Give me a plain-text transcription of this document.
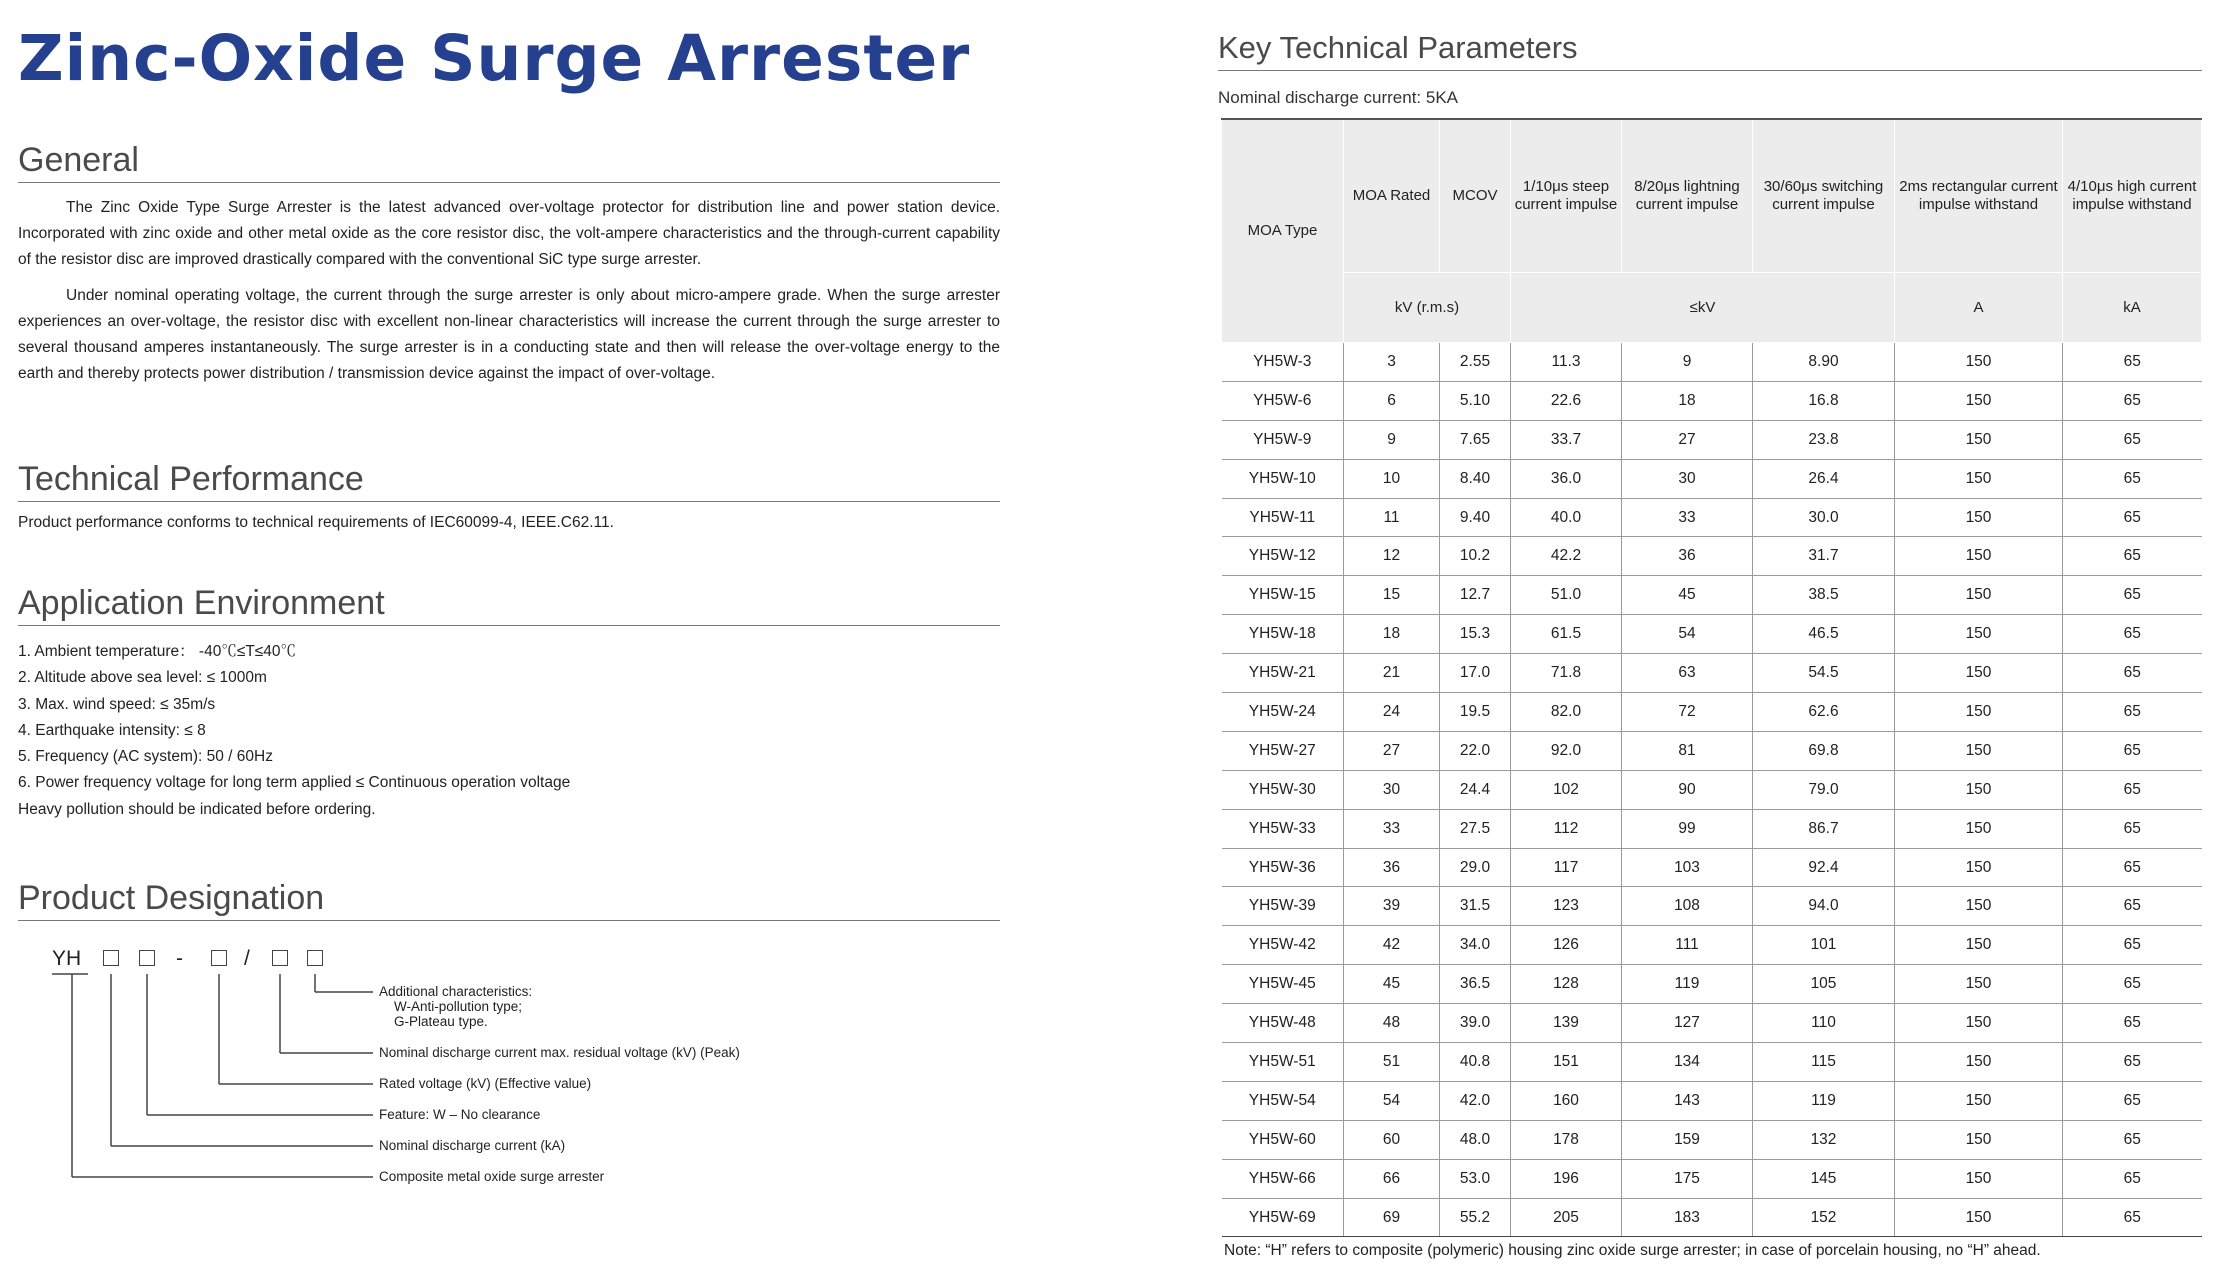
Zinc-Oxide Surge Arrester
General

The Zinc Oxide Type Surge Arrester is the latest advanced over-voltage protector for distribution line and power station device. Incorporated with zinc oxide and other metal oxide as the core resistor disc, the volt-ampere characteristics and the through-current capability of the resistor disc are improved drastically compared with the conventional SiC type surge arrester.

Under nominal operating voltage, the current through the surge arrester is only about micro-ampere grade. When the surge arrester experiences an over-voltage, the resistor disc with excellent non-linear characteristics will increase the current through the surge arrester to several thousand amperes instantaneously. The surge arrester is in a conducting state and then will release the over-voltage energy to the earth and thereby protects power distribution / transmission device against the impact of over-voltage.

Technical Performance

Product performance conforms to technical requirements of IEC60099-4, IEEE.C62.11.

Application Environment
1. Ambient temperature： -40℃≤T≤40℃
2. Altitude above sea level: ≤ 1000m
3. Max. wind speed: ≤ 35m/s
4. Earthquake intensity: ≤ 8
5. Frequency (AC system): 50 / 60Hz
6. Power frequency voltage for long term applied ≤ Continuous operation voltage
Heavy pollution should be indicated before ordering.
Product Designation
YH	-	/
Additional characteristics:
W-Anti-pollution type;
G-Plateau type.
Nominal discharge current max. residual voltage (kV) (Peak)
Rated voltage (kV) (Effective value)
Feature: W – No clearance
Nominal discharge current (kA)
Composite metal oxide surge arrester
Key Technical Parameters

Nominal discharge current: 5KA

MOA Type	MOA Rated	MCOV	1/10μs steep current impulse	8/20μs lightning current impulse	30/60μs switching current impulse	2ms rectangular current impulse withstand	4/10μs high current impulse withstand
	kV (r.m.s)		≤kV			A	kA
YH5W-3	3	2.55	11.3	9	8.90	150	65
YH5W-6	6	5.10	22.6	18	16.8	150	65
YH5W-9	9	7.65	33.7	27	23.8	150	65
YH5W-10	10	8.40	36.0	30	26.4	150	65
YH5W-11	11	9.40	40.0	33	30.0	150	65
YH5W-12	12	10.2	42.2	36	31.7	150	65
YH5W-15	15	12.7	51.0	45	38.5	150	65
YH5W-18	18	15.3	61.5	54	46.5	150	65
YH5W-21	21	17.0	71.8	63	54.5	150	65
YH5W-24	24	19.5	82.0	72	62.6	150	65
YH5W-27	27	22.0	92.0	81	69.8	150	65
YH5W-30	30	24.4	102	90	79.0	150	65
YH5W-33	33	27.5	112	99	86.7	150	65
YH5W-36	36	29.0	117	103	92.4	150	65
YH5W-39	39	31.5	123	108	94.0	150	65
YH5W-42	42	34.0	126	111	101	150	65
YH5W-45	45	36.5	128	119	105	150	65
YH5W-48	48	39.0	139	127	110	150	65
YH5W-51	51	40.8	151	134	115	150	65
YH5W-54	54	42.0	160	143	119	150	65
YH5W-60	60	48.0	178	159	132	150	65
YH5W-66	66	53.0	196	175	145	150	65
YH5W-69	69	55.2	205	183	152	150	65

Note: “H” refers to composite (polymeric) housing zinc oxide surge arrester; in case of porcelain housing, no “H” ahead.
